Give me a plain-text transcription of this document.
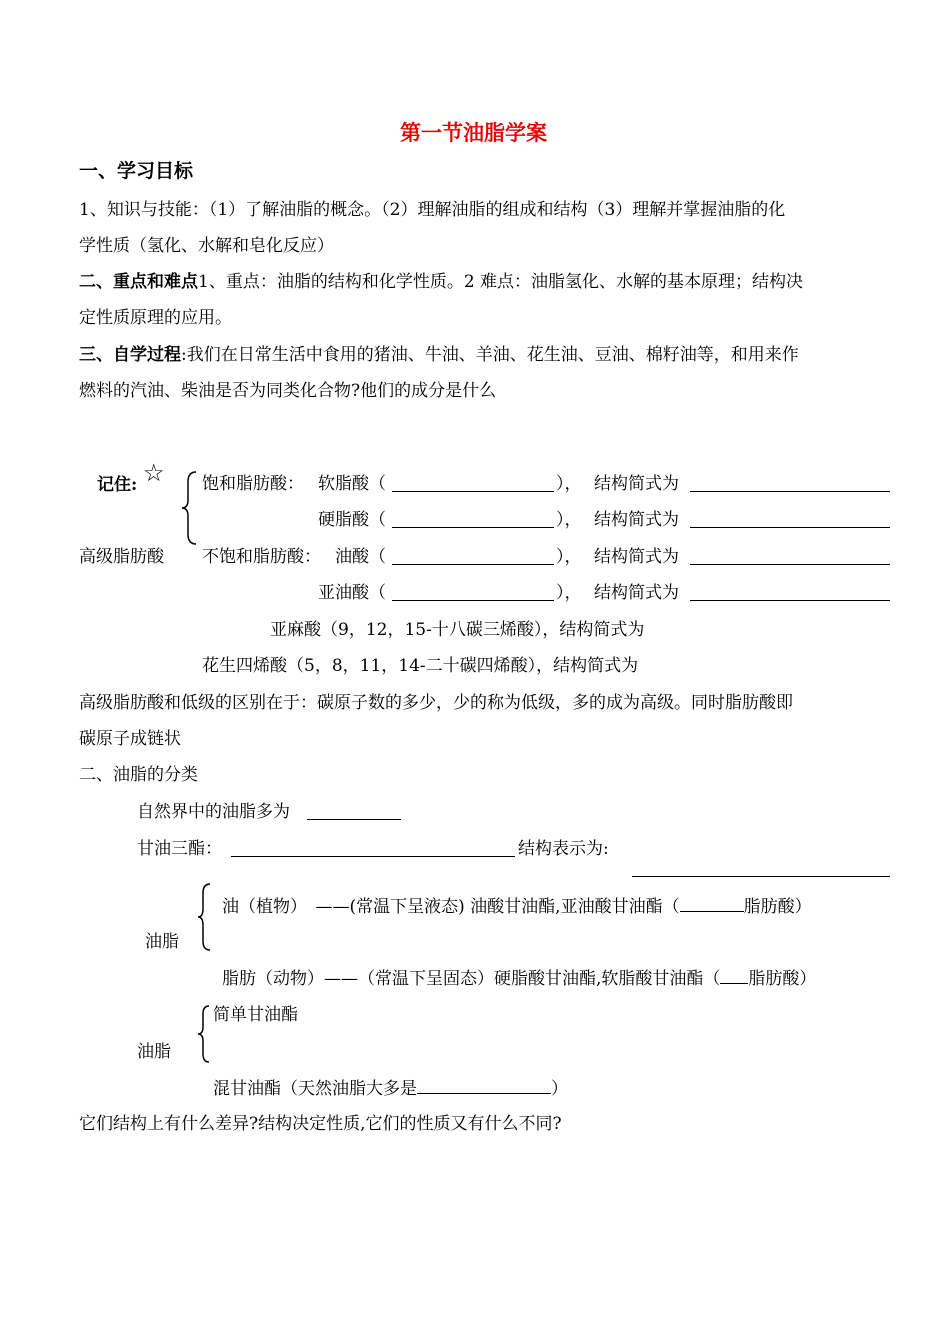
第一节油脂学案
一、学习目标
1、知识与技能：（1）了解油脂的概念。（2）理解油脂的组成和结构（3）理解并掌握油脂的化
学性质（氢化、水解和皂化反应）
二、重点和难点1、重点：油脂的结构和化学性质。2 难点：油脂氢化、水解的基本原理；结构决
定性质原理的应用。
三、自学过程:我们在日常生活中食用的猪油、牛油、羊油、花生油、豆油、棉籽油等，和用来作
燃料的汽油、柴油是否为同类化合物?他们的成分是什么
记住: ☆
高级脂肪酸
饱和脂肪酸： 软脂酸（	）， 结构简式为
硬脂酸（	）， 结构简式为
不饱和脂肪酸： 油酸（	）， 结构简式为
亚油酸（	）， 结构简式为
亚麻酸（9，12，15-十八碳三烯酸），结构简式为
花生四烯酸（5，8，11，14-二十碳四烯酸），结构简式为
高级脂肪酸和低级的区别在于：碳原子数的多少，少的称为低级，多的成为高级。同时脂肪酸即
碳原子成链状
二、油脂的分类
自然界中的油脂多为
甘油三酯：	结构表示为:
油脂
油（植物）　——(常温下呈液态) 油酸甘油酯,亚油酸甘油酯（	脂肪酸）
脂肪（动物）——（常温下呈固态）硬脂酸甘油酯,软脂酸甘油酯（ 脂肪酸）
简单甘油酯
油脂
混甘油酯（天然油脂大多是	）
它们结构上有什么差异?结构决定性质,它们的性质又有什么不同?
